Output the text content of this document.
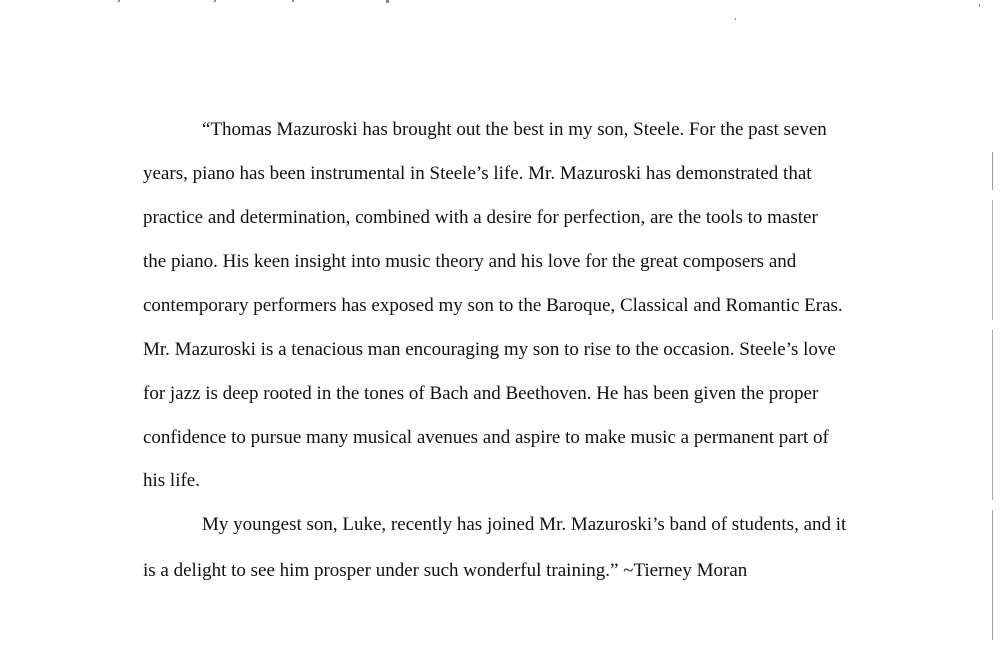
“Thomas Mazuroski has brought out the best in my son, Steele. For the past seven

years, piano has been instrumental in Steele’s life. Mr. Mazuroski has demonstrated that

practice and determination, combined with a desire for perfection, are the tools to master

the piano. His keen insight into music theory and his love for the great composers and

contemporary performers has exposed my son to the Baroque, Classical and Romantic Eras.

Mr. Mazuroski is a tenacious man encouraging my son to rise to the occasion. Steele’s love

for jazz is deep rooted in the tones of Bach and Beethoven. He has been given the proper

confidence to pursue many musical avenues and aspire to make music a permanent part of

his life.

My youngest son, Luke, recently has joined Mr. Mazuroski’s band of students, and it

is a delight to see him prosper under such wonderful training.” ~Tierney Moran
